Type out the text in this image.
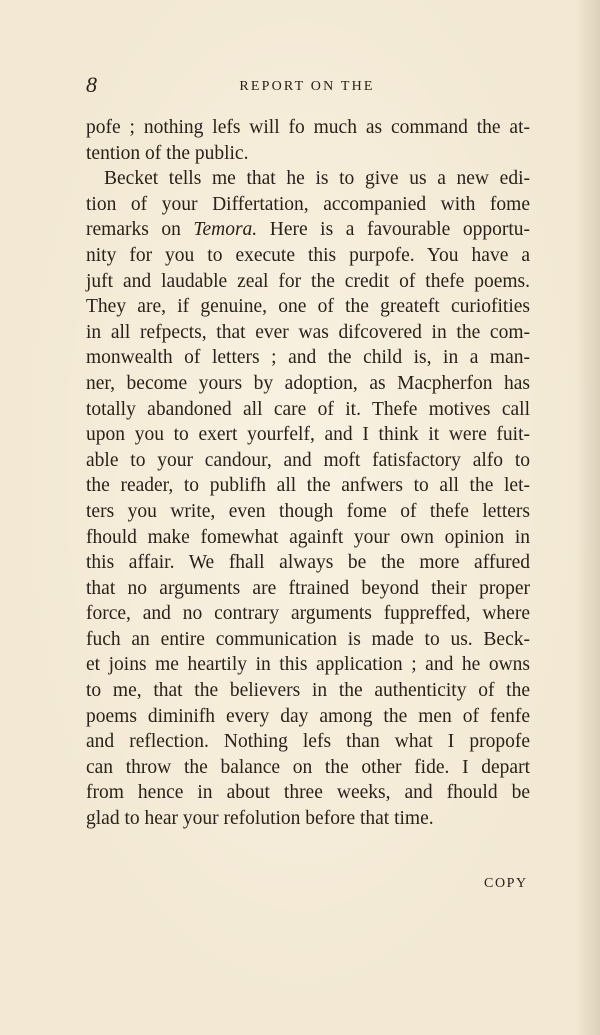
8	REPORT ON THE
pofe ; nothing lefs will fo much as command the at-
tention of the public.
Becket tells me that he is to give us a new edi-
tion of your Differtation, accompanied with fome
remarks on Temora. Here is a favourable opportu-
nity for you to execute this purpofe. You have a
juft and laudable zeal for the credit of thefe poems.
They are, if genuine, one of the greateft curiofities
in all refpects, that ever was difcovered in the com-
monwealth of letters ; and the child is, in a man-
ner, become yours by adoption, as Macpherfon has
totally abandoned all care of it. Thefe motives call
upon you to exert yourfelf, and I think it were fuit-
able to your candour, and moft fatisfactory alfo to
the reader, to publifh all the anfwers to all the let-
ters you write, even though fome of thefe letters
fhould make fomewhat againft your own opinion in
this affair. We fhall always be the more affured
that no arguments are ftrained beyond their proper
force, and no contrary arguments fuppreffed, where
fuch an entire communication is made to us. Beck-
et joins me heartily in this application ; and he owns
to me, that the believers in the authenticity of the
poems diminifh every day among the men of fenfe
and reflection. Nothing lefs than what I propofe
can throw the balance on the other fide. I depart
from hence in about three weeks, and fhould be
glad to hear your refolution before that time.
COPY
